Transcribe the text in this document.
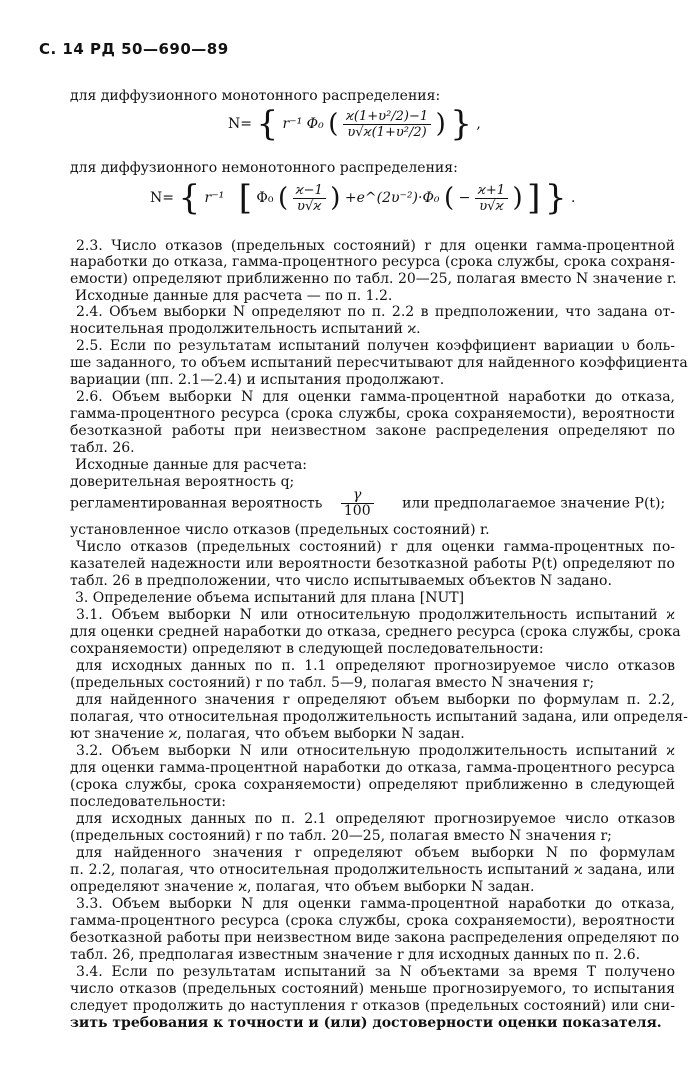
С. 14 РД 50—690—89
для диффузионного монотонного распределения:
N= { r⁻¹ Φ₀ ( $\frac{\text{ϰ(1+υ²/2)−1}}{\text{υ√ϰ(1+υ²/2)}}$ ) } ,
для диффузионного немонотонного распределения:
N= { r⁻¹ [ Φ₀ ( $\frac{ϰ-1}{\upsilon√ϰ}$ ) +e^(2υ⁻²)·Φ₀ ( − $\frac{ϰ+1}{\upsilon√ϰ}$ ) ] } .
2.3. Число отказов (предельных состояний) r для оценки гамма-процентной
наработки до отказа, гамма-процентного ресурса (срока службы, срока сохраня-
емости) определяют приближенно по табл. 20—25, полагая вместо N значение r.
Исходные данные для расчета — по п. 1.2.
2.4. Объем выборки N определяют по п. 2.2 в предположении, что задана от-
носительная продолжительность испытаний ϰ.
2.5. Если по результатам испытаний получен коэффициент вариации υ боль-
ше заданного, то объем испытаний пересчитывают для найденного коэффициента
вариации (пп. 2.1—2.4) и испытания продолжают.
2.6. Объем выборки N для оценки гамма-процентной наработки до отказа,
гамма-процентного ресурса (срока службы, срока сохраняемости), вероятности
безотказной работы при неизвестном законе распределения определяют по
табл. 26.
Исходные данные для расчета:
доверительная вероятность q;
регламентированная вероятность $\frac{\gamma}{100}$ или предполагаемое значение P(t);
установленное число отказов (предельных состояний) r.
Число отказов (предельных состояний) r для оценки гамма-процентных по-
казателей надежности или вероятности безотказной работы P(t) определяют по
табл. 26 в предположении, что число испытываемых объектов N задано.
3. Определение объема испытаний для плана [NUT]
3.1. Объем выборки N или относительную продолжительность испытаний ϰ
для оценки средней наработки до отказа, среднего ресурса (срока службы, срока
сохраняемости) определяют в следующей последовательности:
для исходных данных по п. 1.1 определяют прогнозируемое число отказов
(предельных состояний) r по табл. 5—9, полагая вместо N значения r;
для найденного значения r определяют объем выборки по формулам п. 2.2,
полагая, что относительная продолжительность испытаний задана, или определя-
ют значение ϰ, полагая, что объем выборки N задан.
3.2. Объем выборки N или относительную продолжительность испытаний ϰ
для оценки гамма-процентной наработки до отказа, гамма-процентного ресурса
(срока службы, срока сохраняемости) определяют приближенно в следующей
последовательности:
для исходных данных по п. 2.1 определяют прогнозируемое число отказов
(предельных состояний) r по табл. 20—25, полагая вместо N значения r;
для найденного значения r определяют объем выборки N по формулам
п. 2.2, полагая, что относительная продолжительность испытаний ϰ задана, или
определяют значение ϰ, полагая, что объем выборки N задан.
3.3. Объем выборки N для оценки гамма-процентной наработки до отказа,
гамма-процентного ресурса (срока службы, срока сохраняемости), вероятности
безотказной работы при неизвестном виде закона распределения определяют по
табл. 26, предполагая известным значение r для исходных данных по п. 2.6.
3.4. Если по результатам испытаний за N объектами за время T получено
число отказов (предельных состояний) меньше прогнозируемого, то испытания
следует продолжить до наступления r отказов (предельных состояний) или сни-
зить требования к точности и (или) достоверности оценки показателя.
